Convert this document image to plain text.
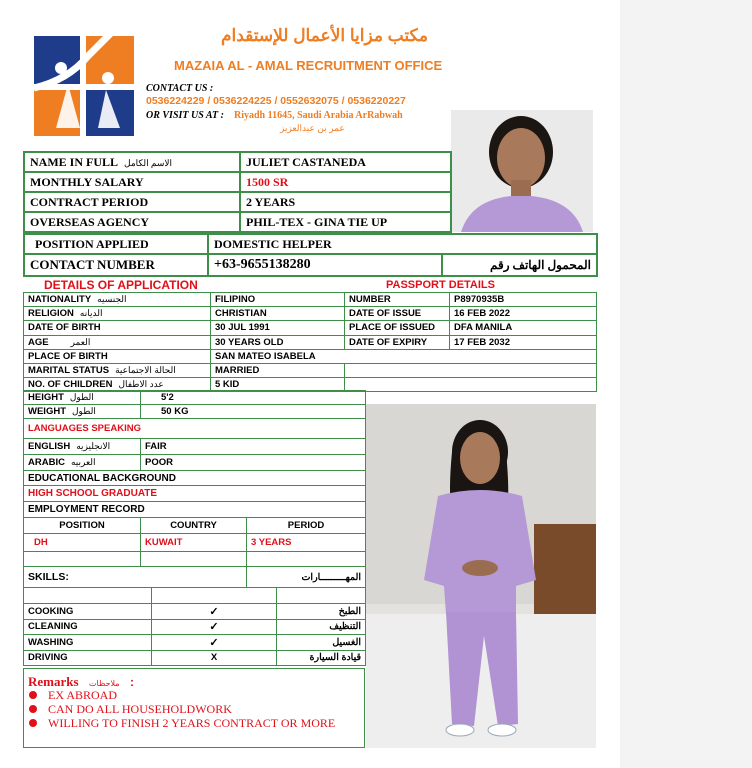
مكتب مزايا الأعمال للإستقدام
MAZAIA AL - AMAL RECRUITMENT OFFICE
CONTACT US :
0536224229 / 0536224225 / 0552632075 / 0536220227
OR VISIT US AT : Riyadh 11645, Saudi Arabia ArRabwah
عمر بن عبدالعزيز
NAME IN FULL الاسم الكامل	JULIET CASTANEDA
MONTHLY SALARY	1500 SR
CONTRACT PERIOD	2 YEARS
OVERSEAS AGENCY	PHIL-TEX - GINA TIE UP
POSITION APPLIED	DOMESTIC HELPER	
CONTACT NUMBER	+63-9655138280	المحمول الهاتف رقم
DETAILS OF APPLICATION	PASSPORT DETAILS
NATIONALITY الجنسيه	FILIPINO	NUMBER	P8970935B
RELIGION الديانه	CHRISTIAN	DATE OF ISSUE	16 FEB 2022
DATE OF BIRTH	30 JUL 1991	PLACE OF ISSUED	DFA MANILA
AGE العمر	30 YEARS OLD	DATE OF EXPIRY	17 FEB 2032
PLACE OF BIRTH	SAN MATEO ISABELA		
MARITAL STATUS الحالة الاجتماعية	MARRIED		
NO. OF CHILDREN عدد الاطفال	5 KID		
HEIGHT الطول	5'2	
WEIGHT الطول	50 KG	
LANGUAGES SPEAKING		
ENGLISH الانجليزيه	FAIR	
ARABIC العربيه	POOR	
EDUCATIONAL BACKGROUND		
HIGH SCHOOL GRADUATE		
EMPLOYMENT RECORD		
POSITION	COUNTRY	PERIOD
DH	KUWAIT	3 YEARS

SKILLS:		المهـــــــــارات

COOKING	✓	الطبخ
CLEANING	✓	التنظيف
WASHING	✓	الغسيل
DRIVING	X	قيادة السيارة
Remarks ملاحظات :
EX ABROAD
CAN DO ALL HOUSEHOLDWORK
WILLING TO FINISH 2 YEARS CONTRACT OR MORE
